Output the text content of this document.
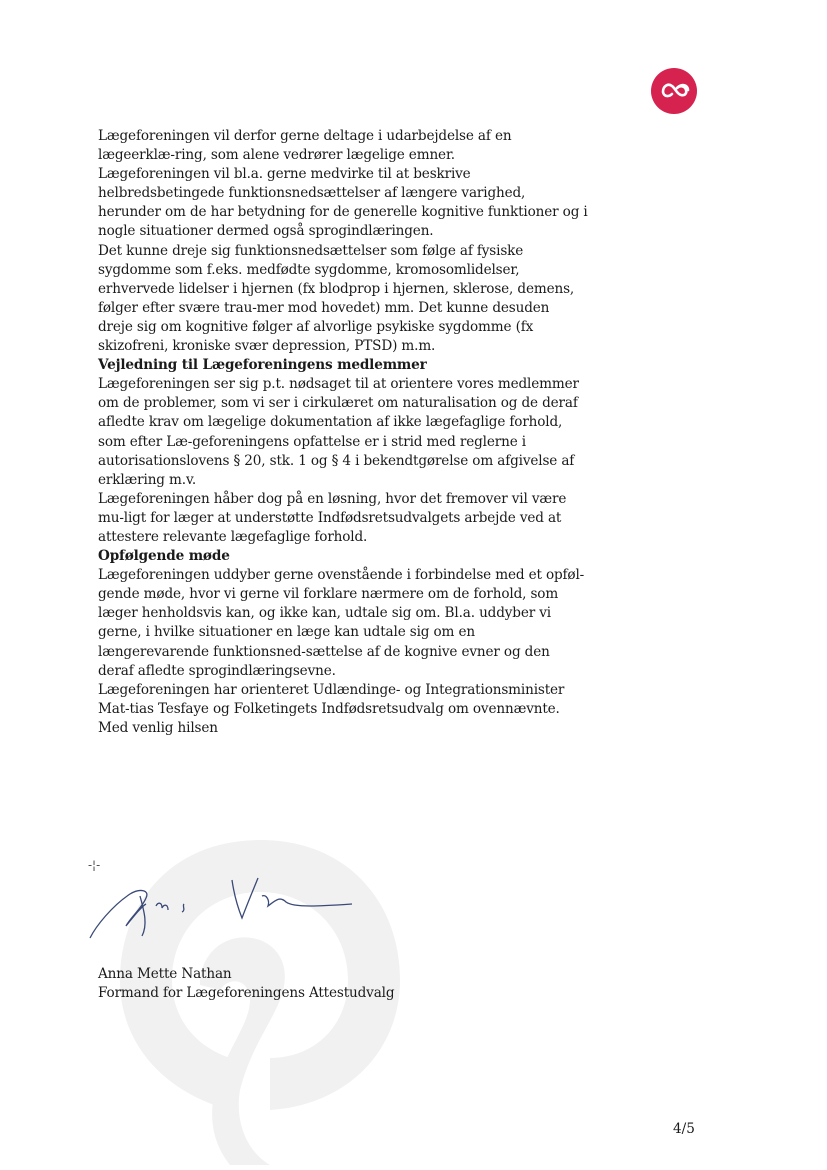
Lægeforeningen vil derfor gerne deltage i udarbejdelse af en lægeerklæ-ring, som alene vedrører lægelige emner.

Lægeforeningen vil bl.a. gerne medvirke til at beskrive helbredsbetingede funktionsnedsættelser af længere varighed, herunder om de har betydning for de generelle kognitive funktioner og i nogle situationer dermed også sprogindlæringen.

Det kunne dreje sig funktionsnedsættelser som følge af fysiske sygdomme som f.eks. medfødte sygdomme, kromosomlidelser, erhvervede lidelser i hjernen (fx blodprop i hjernen, sklerose, demens, følger efter svære trau-mer mod hovedet) mm. Det kunne desuden dreje sig om kognitive følger af alvorlige psykiske sygdomme (fx skizofreni, kroniske svær depression, PTSD) m.m.

Vejledning til Lægeforeningens medlemmer

Lægeforeningen ser sig p.t. nødsaget til at orientere vores medlemmer om de problemer, som vi ser i cirkulæret om naturalisation og de deraf afledte krav om lægelige dokumentation af ikke lægefaglige forhold, som efter Læ-geforeningens opfattelse er i strid med reglerne i autorisationslovens § 20, stk. 1 og § 4 i bekendtgørelse om afgivelse af erklæring m.v.

Lægeforeningen håber dog på en løsning, hvor det fremover vil være mu-ligt for læger at understøtte Indfødsretsudvalgets arbejde ved at attestere relevante lægefaglige forhold.

Opfølgende møde

Lægeforeningen uddyber gerne ovenstående i forbindelse med et opføl-gende møde, hvor vi gerne vil forklare nærmere om de forhold, som læger henholdsvis kan, og ikke kan, udtale sig om. Bl.a. uddyber vi gerne, i hvilke situationer en læge kan udtale sig om en længerevarende funktionsned-sættelse af de kognive evner og den deraf afledte sprogindlæringsevne.

Lægeforeningen har orienteret Udlændinge- og Integrationsminister Mat-tias Tesfaye og Folketingets Indfødsretsudvalg om ovennævnte.

Med venlig hilsen

-¦-

Anna Mette Nathan

Formand for Lægeforeningens Attestudvalg

4/5
